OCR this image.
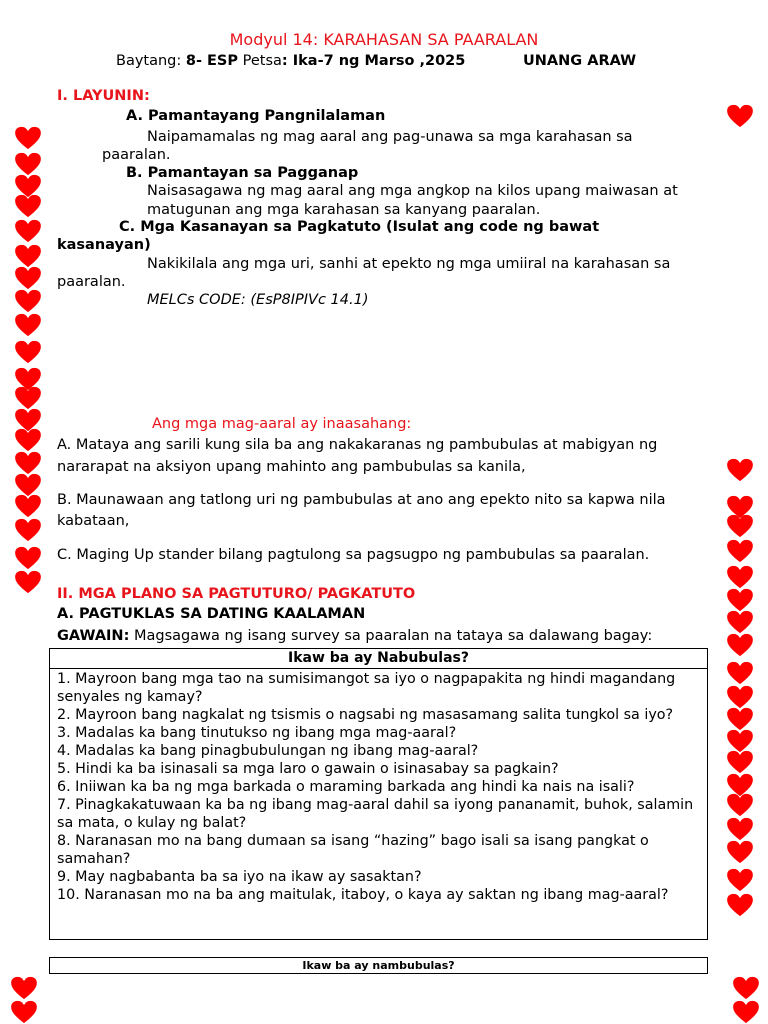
Modyul 14: KARAHASAN SA PAARALAN
Baytang: 8- ESP Petsa: Ika-7 ng Marso ,2025	UNANG ARAW
I. LAYUNIN:
A. Pamantayang Pangnilalaman
Naipamamalas ng mag aaral ang pag-unawa sa mga karahasan sa
paaralan.
B. Pamantayan sa Pagganap
Naisasagawa ng mag aaral ang mga angkop na kilos upang maiwasan at
matugunan ang mga karahasan sa kanyang paaralan.
C. Mga Kasanayan sa Pagkatuto (Isulat ang code ng bawat
kasanayan)
Nakikilala ang mga uri, sanhi at epekto ng mga umiiral na karahasan sa
paaralan.
MELCs CODE: (EsP8IPIVc 14.1)
Ang mga mag-aaral ay inaasahang:
A. Mataya ang sarili kung sila ba ang nakakaranas ng pambubulas at mabigyan ng
nararapat na aksiyon upang mahinto ang pambubulas sa kanila,
B. Maunawaan ang tatlong uri ng pambubulas at ano ang epekto nito sa kapwa nila
kabataan,
C. Maging Up stander bilang pagtulong sa pagsugpo ng pambubulas sa paaralan.
II. MGA PLANO SA PAGTUTURO/ PAGKATUTO
A. PAGTUKLAS SA DATING KAALAMAN
GAWAIN: Magsagawa ng isang survey sa paaralan na tataya sa dalawang bagay:
Ikaw ba ay Nabubulas?
1. Mayroon bang mga tao na sumisimangot sa iyo o nagpapakita ng hindi magandang senyales ng kamay?
2. Mayroon bang nagkalat ng tsismis o nagsabi ng masasamang salita tungkol sa iyo?
3. Madalas ka bang tinutukso ng ibang mga mag-aaral?
4. Madalas ka bang pinagbubulungan ng ibang mag-aaral?
5. Hindi ka ba isinasali sa mga laro o gawain o isinasabay sa pagkain?
6. Iniiwan ka ba ng mga barkada o maraming barkada ang hindi ka nais na isali?
7. Pinagkakatuwaan ka ba ng ibang mag-aaral dahil sa iyong pananamit, buhok, salamin sa mata, o kulay ng balat?
8. Naranasan mo na bang dumaan sa isang “hazing” bago isali sa isang pangkat o samahan?
9. May nagbabanta ba sa iyo na ikaw ay sasaktan?
10. Naranasan mo na ba ang maitulak, itaboy, o kaya ay saktan ng ibang mag-aaral?
Ikaw ba ay nambubulas?
